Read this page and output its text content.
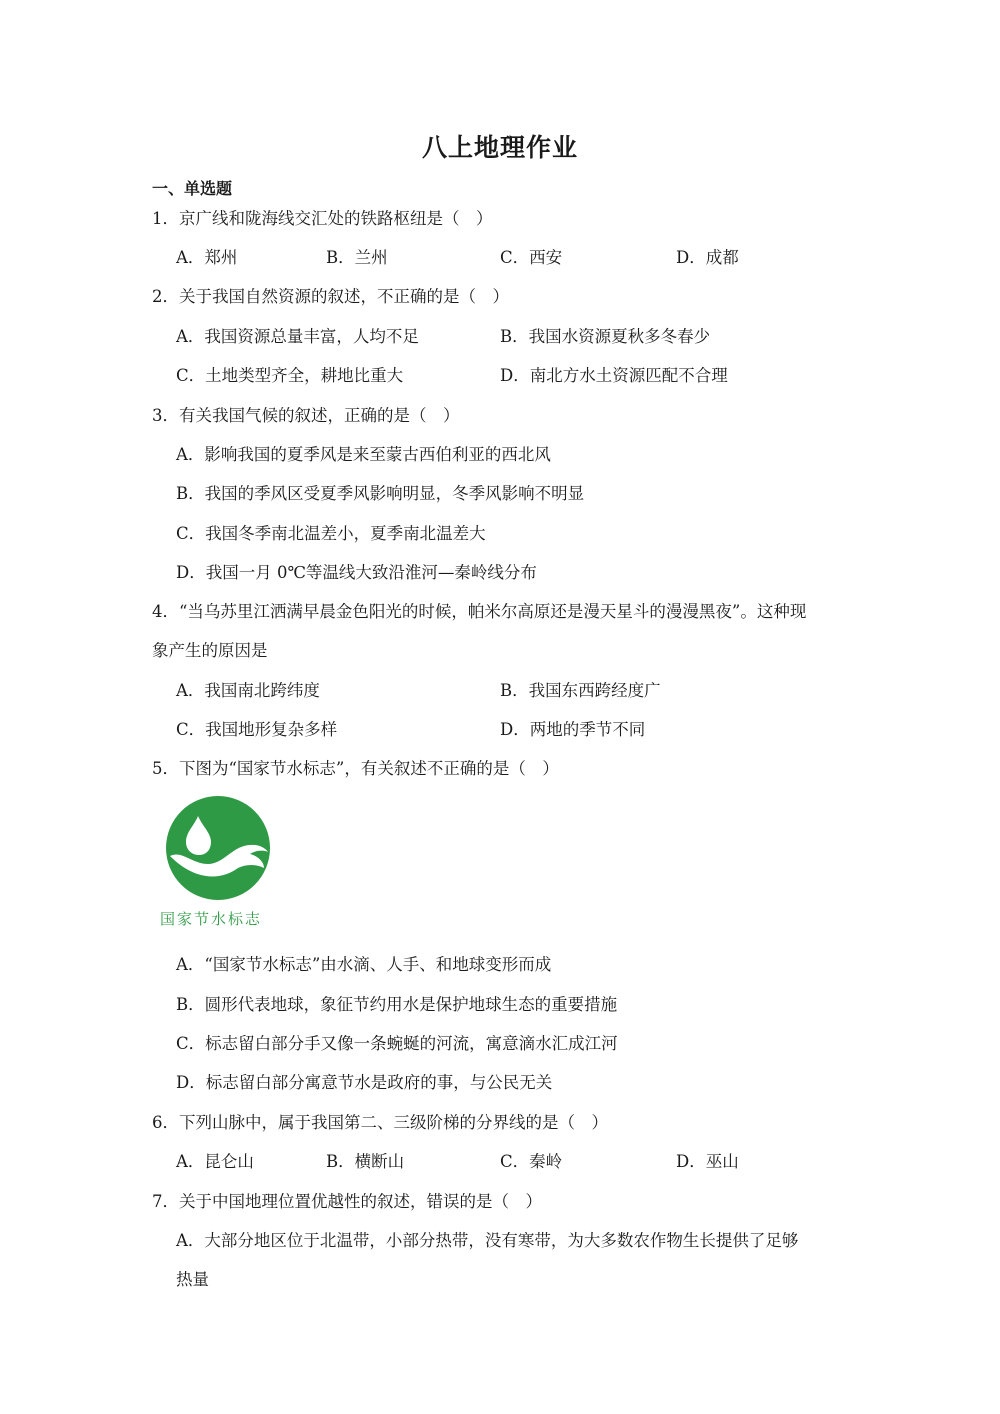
八上地理作业
一、单选题
1．京广线和陇海线交汇处的铁路枢纽是（　）
A．郑州	B．兰州	C．西安	D．成都
2．关于我国自然资源的叙述，不正确的是（　）
A．我国资源总量丰富，人均不足	B．我国水资源夏秋多冬春少
C．土地类型齐全，耕地比重大	D．南北方水土资源匹配不合理
3．有关我国气候的叙述，正确的是（　）
A．影响我国的夏季风是来至蒙古西伯利亚的西北风
B．我国的季风区受夏季风影响明显，冬季风影响不明显
C．我国冬季南北温差小，夏季南北温差大
D．我国一月 0℃等温线大致沿淮河—秦岭线分布
4．“当乌苏里江洒满早晨金色阳光的时候，帕米尔高原还是漫天星斗的漫漫黑夜”。这种现
象产生的原因是
A．我国南北跨纬度	B．我国东西跨经度广
C．我国地形复杂多样	D．两地的季节不同
5．下图为“国家节水标志”，有关叙述不正确的是（　）
国家节水标志
A．“国家节水标志”由水滴、人手、和地球变形而成
B．圆形代表地球，象征节约用水是保护地球生态的重要措施
C．标志留白部分手又像一条蜿蜒的河流，寓意滴水汇成江河
D．标志留白部分寓意节水是政府的事，与公民无关
6．下列山脉中，属于我国第二、三级阶梯的分界线的是（　）
A．昆仑山	B．横断山	C．秦岭	D．巫山
7．关于中国地理位置优越性的叙述，错误的是（　）
A．大部分地区位于北温带，小部分热带，没有寒带，为大多数农作物生长提供了足够
热量
